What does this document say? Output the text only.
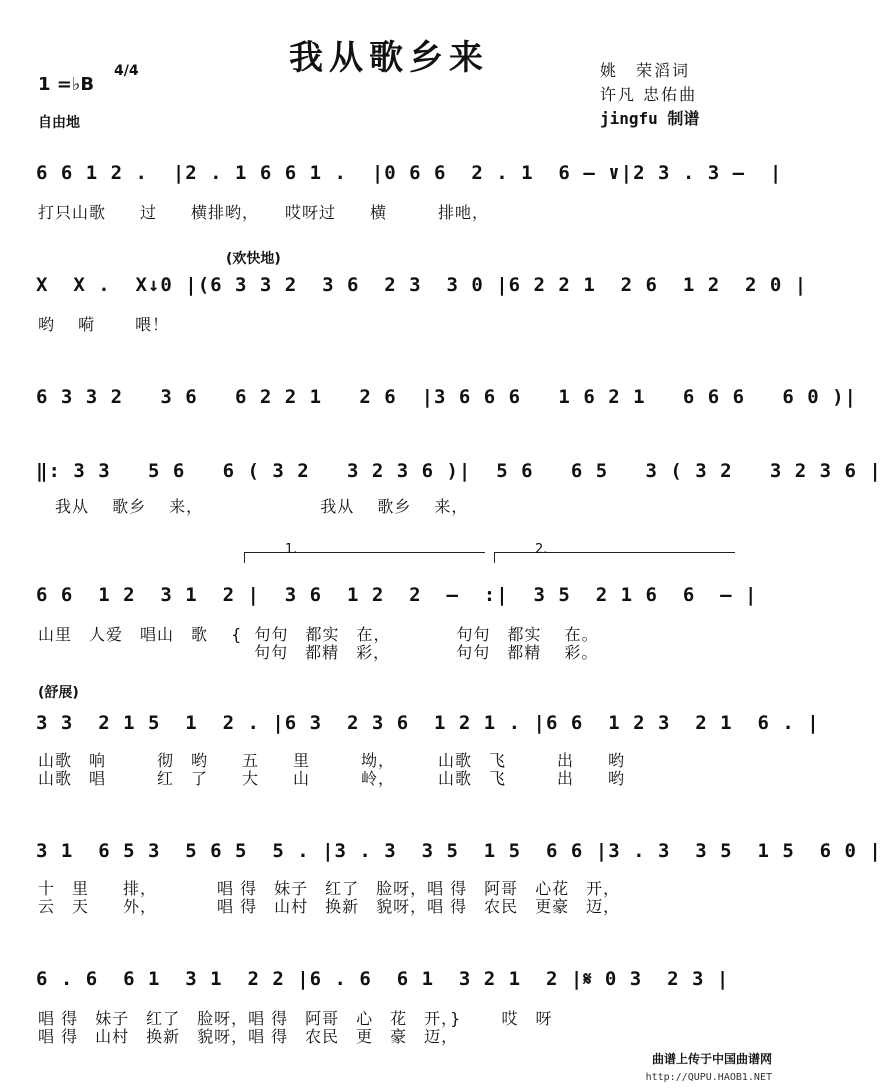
我从歌乡来	姚　荣滔词
许凡 忠佑曲
jingfu 制谱
1 =♭B
4/4
自由地
(欢快地)
(舒展)
6 6 1 2 .  |2 . 1 6 6 1 .  |0 6 6  2 . 1  6 – ∨|2 3 . 3 –  |
打只山歌　　过　　横排哟，　　哎呀过　　横　　　排吔，
X  X .  X↓0 |(6 3 3 2  3 6  2 3  3 0 |6 2 2 1  2 6  1 2  2 0 |
哟　 嗬　　 喂！
6 3 3 2   3 6   6 2 2 1   2 6  |3 6 6 6   1 6 2 1   6 6 6   6 0 )|
‖: 3 3   5 6   6 ( 3 2   3 2 3 6 )|  5 6   6 5   3 ( 3 2   3 2 3 6 |
　我从　 歌乡　 来，　　　　　　　 我从　 歌乡　 来，
1.	2.
6 6  1 2  3 1  2 |  3 6  1 2  2  –  :|  3 5  2 1 6  6  – |
山里　人爱　唱山　歌　 {  句句　都实　在，　　　　 句句　都实　 在。
　　　　　　　　　　　　  句句　都精　彩，　　　　 句句　都精　 彩。
3 3  2 1 5  1  2 . |6 3  2 3 6  1 2 1 . |6 6  1 2 3  2 1  6 . |
山歌　响　　　彻　哟　　五　　里　　　坳，　　　山歌　飞　　　出　　哟
山歌　唱　　　红　了　　大　　山　　　岭，　　　山歌　飞　　　出　　哟
3 1  6 5 3  5 6 5  5 . |3 . 3  3 5  1 5  6 6 |3 . 3  3 5  1 5  6 0 |
十　里　　排，　　　　唱 得　妹子　红了　脸呀，唱 得　阿哥　心花　开，
云　天　　外，　　　　唱 得　山村　换新　貌呀，唱 得　农民　更豪　迈，
6 . 6  6 1  3 1  2 2 |6 . 6  6 1  3 2 1  2 |𝄋 0 3  2 3 |
唱 得　妹子　红了　脸呀，唱 得　阿哥　心　花　开，}　　 哎　呀
唱 得　山村　换新　貌呀，唱 得　农民　更　豪　迈，
曲谱上传于中国曲谱网
http://QUPU.HAOB1.NET
